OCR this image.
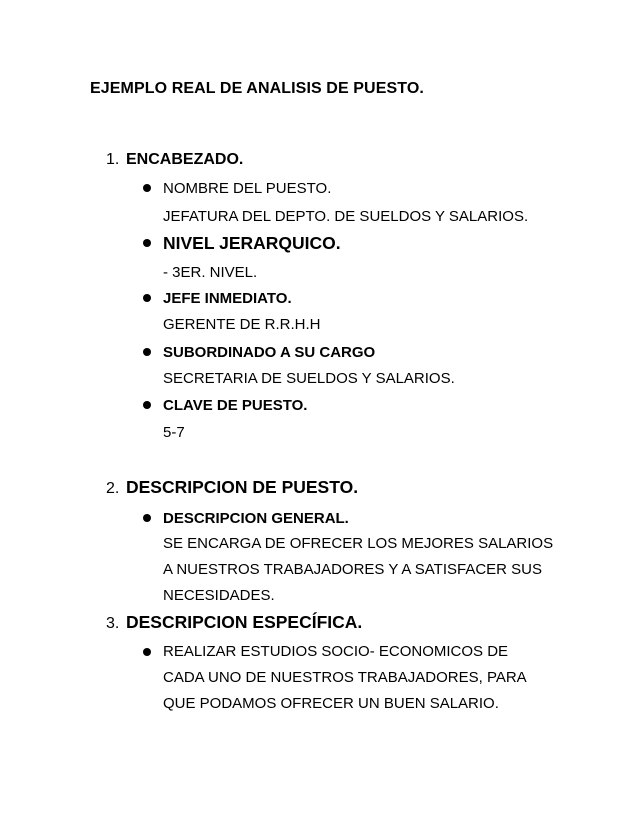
EJEMPLO REAL DE ANALISIS DE PUESTO.
1. ENCABEZADO.
NOMBRE DEL PUESTO.
JEFATURA DEL DEPTO. DE SUELDOS Y SALARIOS.
NIVEL JERARQUICO.
- 3ER. NIVEL.
JEFE INMEDIATO.
GERENTE DE R.R.H.H
SUBORDINADO A SU CARGO
SECRETARIA DE SUELDOS Y SALARIOS.
CLAVE DE PUESTO.
5-7
2. DESCRIPCION DE PUESTO.
DESCRIPCION GENERAL.
SE ENCARGA DE OFRECER LOS MEJORES SALARIOS
A NUESTROS TRABAJADORES Y A SATISFACER SUS
NECESIDADES.
3. DESCRIPCION ESPECÍFICA.
REALIZAR ESTUDIOS SOCIO- ECONOMICOS DE
CADA UNO DE NUESTROS TRABAJADORES, PARA
QUE PODAMOS OFRECER UN BUEN SALARIO.
